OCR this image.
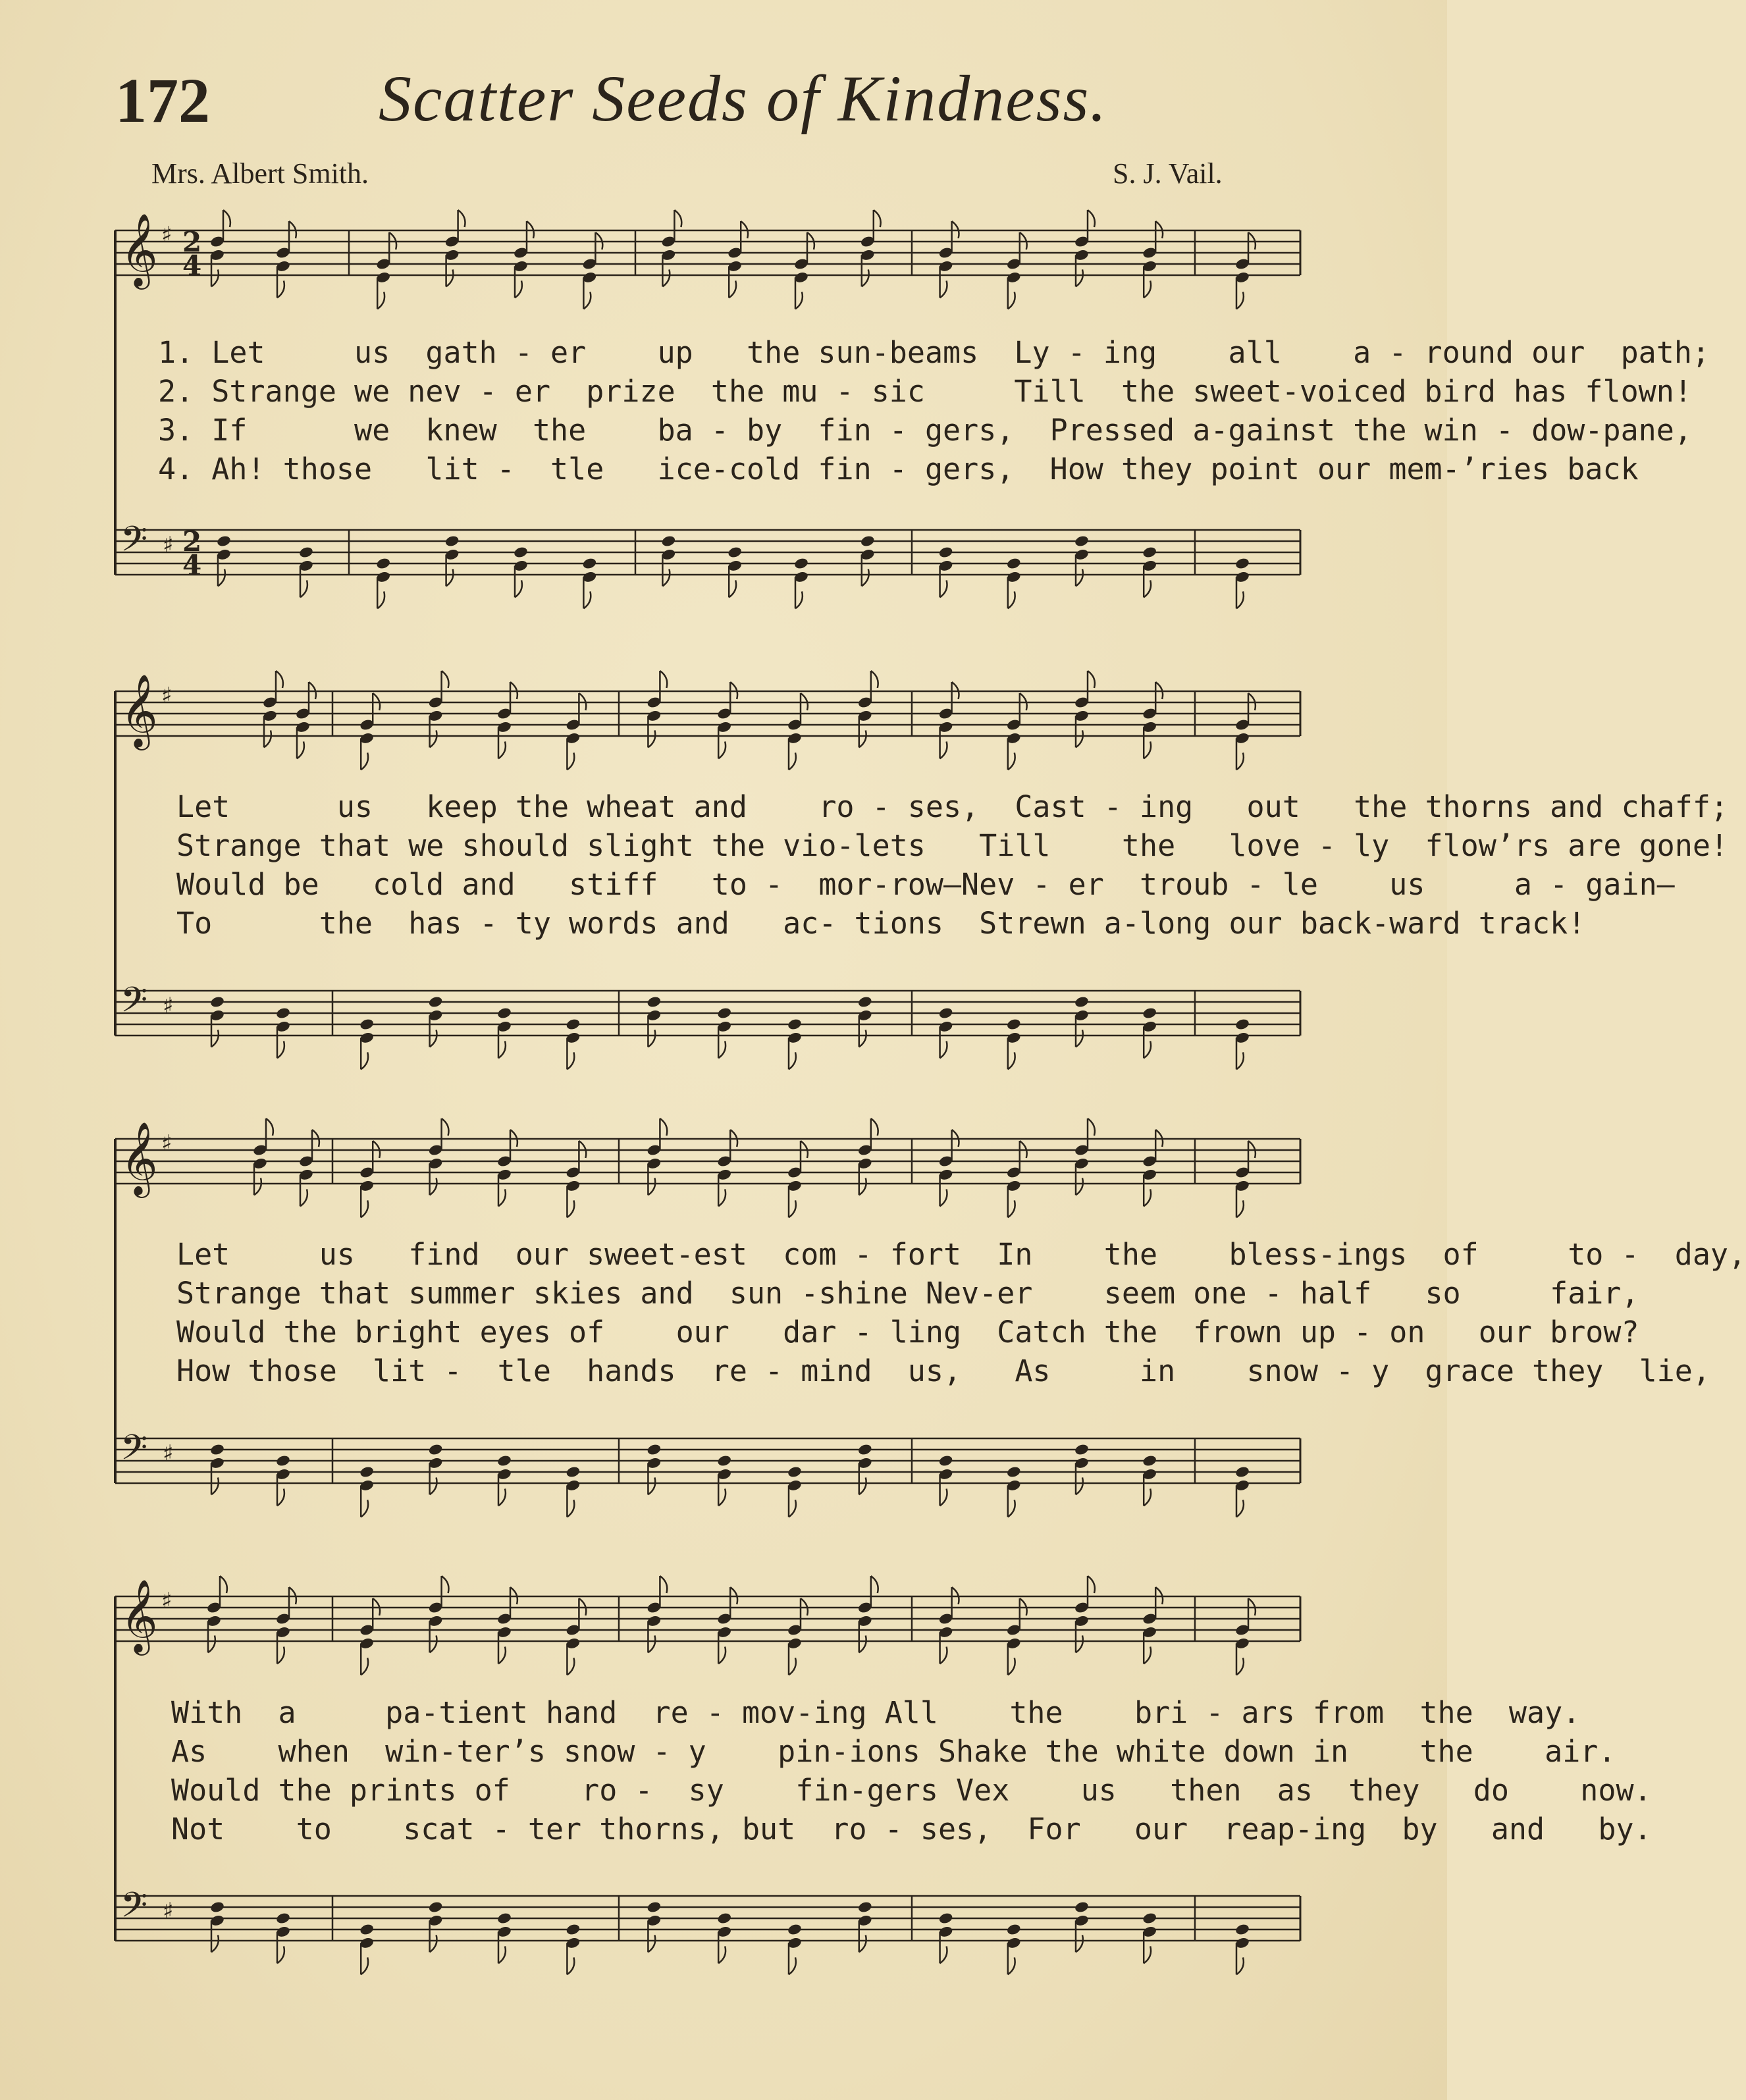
172	Scatter Seeds of Kindness.
Mrs. Albert Smith.	S. J. Vail.
𝄞 ♯ 2
4
𝄢 ♯ 2
4
𝄞 ♯
𝄢 ♯
𝄞 ♯
𝄢 ♯
𝄞 ♯
𝄢 ♯
1. Let     us  gath - er    up   the sun-beams  Ly - ing    all    a - round our  path;
2. Strange we nev - er  prize  the mu - sic     Till  the sweet-voiced bird has flown!
3. If      we  knew  the    ba - by  fin - gers,  Pressed a-gainst the win - dow-pane,
4. Ah! those   lit -  tle   ice-cold fin - gers,  How they point our mem-’ries back
Let      us   keep the wheat and    ro - ses,  Cast - ing   out   the thorns and chaff;
Strange that we should slight the vio-lets   Till    the   love - ly  flow’rs are gone!
Would be   cold and   stiff   to -  mor-row—Nev - er  troub - le    us     a - gain—
To      the  has - ty words and   ac- tions  Strewn a-long our back-ward track!
Let     us   find  our sweet-est  com - fort  In    the    bless-ings  of     to -  day,
Strange that summer skies and  sun -shine Nev-er    seem one - half   so     fair,
Would the bright eyes of    our   dar - ling  Catch the  frown up - on   our brow?
How those  lit -  tle  hands  re - mind  us,   As     in    snow - y  grace they  lie,
With  a     pa-tient hand  re - mov-ing All    the    bri - ars from  the  way.
As    when  win-ter’s snow - y    pin-ions Shake the white down in    the    air.
Would the prints of    ro -  sy    fin-gers Vex    us   then  as  they   do    now.
Not    to    scat - ter thorns, but  ro - ses,  For   our  reap-ing  by   and   by.
